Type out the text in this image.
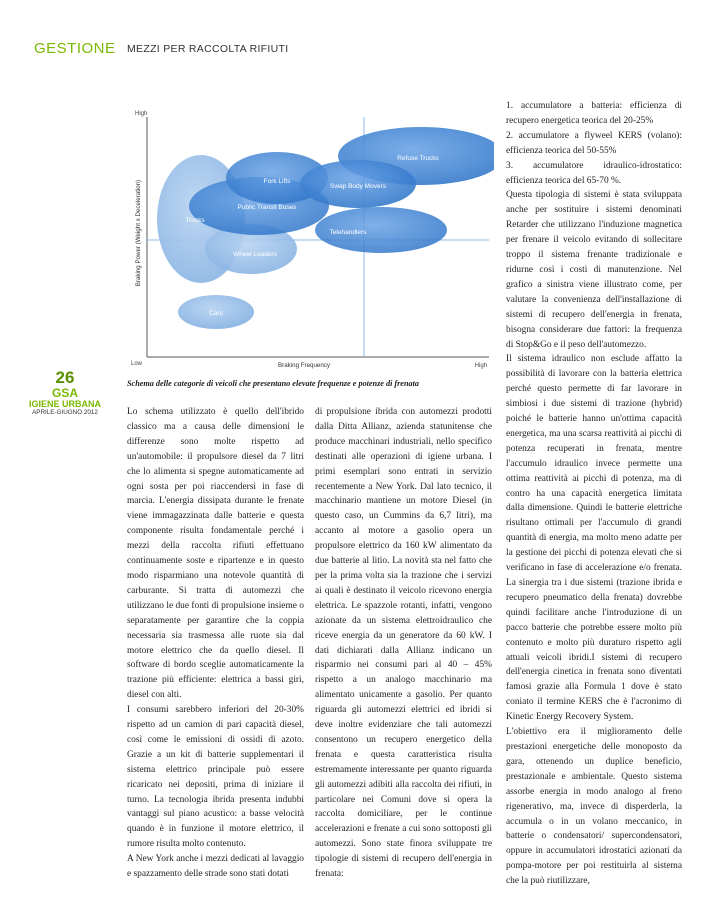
GESTIONE MEZZI PER RACCOLTA RIFIUTI
Refuse Trucks
Fork Lifts
Swap Body Movers
Public Transit Buses
Trucks
Telehandlers
Wheel Loaders
Cars
High
Low	High
Braking Frequency
Braking Power (Weight x Deceleration)
Schema delle categorie di veicoli che presentano elevate frequenze e potenze di frenata
26
GSA
IGIENE URBANA
APRILE-GIUGNO 2012	Lo schema utilizzato è quello dell'ibrido classico ma a causa delle dimensioni le differenze sono molte rispetto ad un'automobile: il propulsore diesel da 7 litri che lo alimenta si spegne automaticamente ad ogni sosta per poi riaccendersi in fase di marcia. L'energia dissipata durante le frenate viene immagazzinata dalle batterie e questa componente risulta fondamentale perché i mezzi della raccolta rifiuti effettuano continuamente soste e ripartenze e in questo modo risparmiano una notevole quantità di carburante. Si tratta di automezzi che utilizzano le due fonti di propulsione insieme o separatamente per garantire che la coppia necessaria sia trasmessa alle ruote sia dal motore elettrico che da quello diesel. Il software di bordo sceglie automaticamente la trazione più efficiente: elettrica a bassi giri, diesel con alti.

I consumi sarebbero inferiori del 20-30% rispetto ad un camion di pari capacità diesel, così come le emissioni di ossidi di azoto. Grazie a un kit di batterie supplementari il sistema elettrico principale può essere ricaricato nei depositi, prima di iniziare il turno. La tecnologia ibrida presenta indubbi vantaggi sul piano acustico: a basse velocità quando è in funzione il motore elettrico, il rumore risulta molto contenuto.

A New York anche i mezzi dedicati al lavaggio e spazzamento delle strade sono stati dotati

di propulsione ibrida con automezzi prodotti dalla Ditta Allianz, azienda statunitense che produce macchinari industriali, nello specifico destinati alle operazioni di igiene urbana. I primi esemplari sono entrati in servizio recentemente a New York. Dal lato tecnico, il macchinario mantiene un motore Diesel (in questo caso, un Cummins da 6,7 litri), ma accanto al motore a gasolio opera un propulsore elettrico da 160 kW alimentato da due batterie al litio. La novità sta nel fatto che per la prima volta sia la trazione che i servizi ai quali è destinato il veicolo ricevono energia elettrica. Le spazzole rotanti, infatti, vengono azionate da un sistema elettroidraulico che riceve energia da un generatore da 60 kW. I dati dichiarati dalla Allianz indicano un risparmio nei consumi pari al 40 – 45% rispetto a un analogo macchinario ma alimentato unicamente a gasolio. Per quanto riguarda gli automezzi elettrici ed ibridi si deve inoltre evidenziare che tali automezzi consentono un recupero energetico della frenata e questa caratteristica risulta estremamente interessante per quanto riguarda gli automezzi adibiti alla raccolta dei rifiuti, in particolare nei Comuni dove si opera la raccolta domiciliare, per le continue accelerazioni e frenate a cui sono sottoposti gli automezzi. Sono state finora sviluppate tre tipologie di sistemi di recupero dell'energia in frenata:

1. accumulatore a batteria: efficienza di recupero energetica teorica del 20-25%

2. accumulatore a flyweel KERS (volano): efficienza teorica del 50-55%

3. accumulatore idraulico-idrostatico: efficienza teorica del 65-70 %.

Questa tipologia di sistemi è stata sviluppata anche per sostituire i sistemi denominati Retarder che utilizzano l'induzione magnetica per frenare il veicolo evitando di sollecitare troppo il sistema frenante tradizionale e ridurne così i costi di manutenzione. Nel grafico a sinistra viene illustrato come, per valutare la convenienza dell'installazione di sistemi di recupero dell'energia in frenata, bisogna considerare due fattori: la frequenza di Stop&Go e il peso dell'automezzo.

Il sistema idraulico non esclude affatto la possibilità di lavorare con la batteria elettrica perché questo permette di far lavorare in simbiosi i due sistemi di trazione (hybrid) poiché le batterie hanno un'ottima capacità energetica, ma una scarsa reattività ai picchi di potenza recuperati in frenata, mentre l'accumulo idraulico invece permette una ottima reattività ai picchi di potenza, ma di contro ha una capacità energetica limitata dalla dimensione. Quindi le batterie elettriche risultano ottimali per l'accumulo di grandi quantità di energia, ma molto meno adatte per la gestione dei picchi di potenza elevati che si verificano in fase di accelerazione e/o frenata. La sinergia tra i due sistemi (trazione ibrida e recupero pneumatico della frenata) dovrebbe quindi facilitare anche l'introduzione di un pacco batterie che potrebbe essere molto più contenuto e molto più duraturo rispetto agli attuali veicoli ibridi.I sistemi di recupero dell'energia cinetica in frenata sono diventati famosi grazie alla Formula 1 dove è stato coniato il termine KERS che è l'acronimo di Kinetic Energy Recovery System.

L'obiettivo era il miglioramento delle prestazioni energetiche delle monoposto da gara, ottenendo un duplice beneficio, prestazionale e ambientale. Questo sistema assorbe energia in modo analogo al freno rigenerativo, ma, invece di disperderla, la accumula o in un volano meccanico, in batterie o condensatori/ supercondensatori, oppure in accumulatori idrostatici azionati da pompa-motore per poi restituirla al sistema che la può riutilizzare,
